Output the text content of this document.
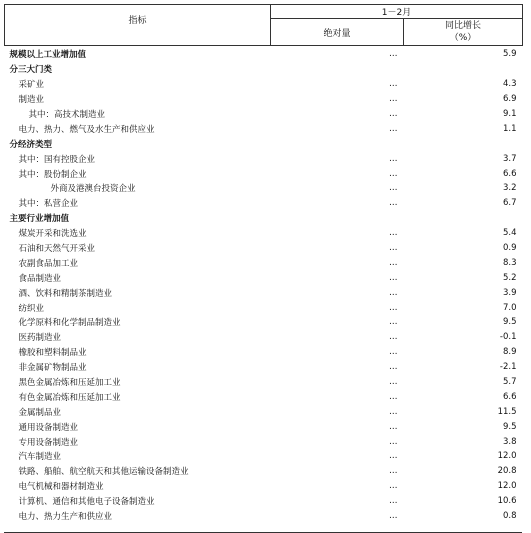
指标	1－2月	
	绝对量	同比增长
（%）
规模以上工业增加值	…	5.9
分三大门类		
采矿业	…	4.3
制造业	…	6.9
其中：高技术制造业	…	9.1
电力、热力、燃气及水生产和供应业	…	1.1
分经济类型		
其中：国有控股企业	…	3.7
其中：股份制企业	…	6.6
外商及港澳台投资企业	…	3.2
其中：私营企业	…	6.7
主要行业增加值		
煤炭开采和洗选业	…	5.4
石油和天然气开采业	…	0.9
农副食品加工业	…	8.3
食品制造业	…	5.2
酒、饮料和精制茶制造业	…	3.9
纺织业	…	7.0
化学原料和化学制品制造业	…	9.5
医药制造业	…	-0.1
橡胶和塑料制品业	…	8.9
非金属矿物制品业	…	-2.1
黑色金属冶炼和压延加工业	…	5.7
有色金属冶炼和压延加工业	…	6.6
金属制品业	…	11.5
通用设备制造业	…	9.5
专用设备制造业	…	3.8
汽车制造业	…	12.0
铁路、船舶、航空航天和其他运输设备制造业	…	20.8
电气机械和器材制造业	…	12.0
计算机、通信和其他电子设备制造业	…	10.6
电力、热力生产和供应业	…	0.8
